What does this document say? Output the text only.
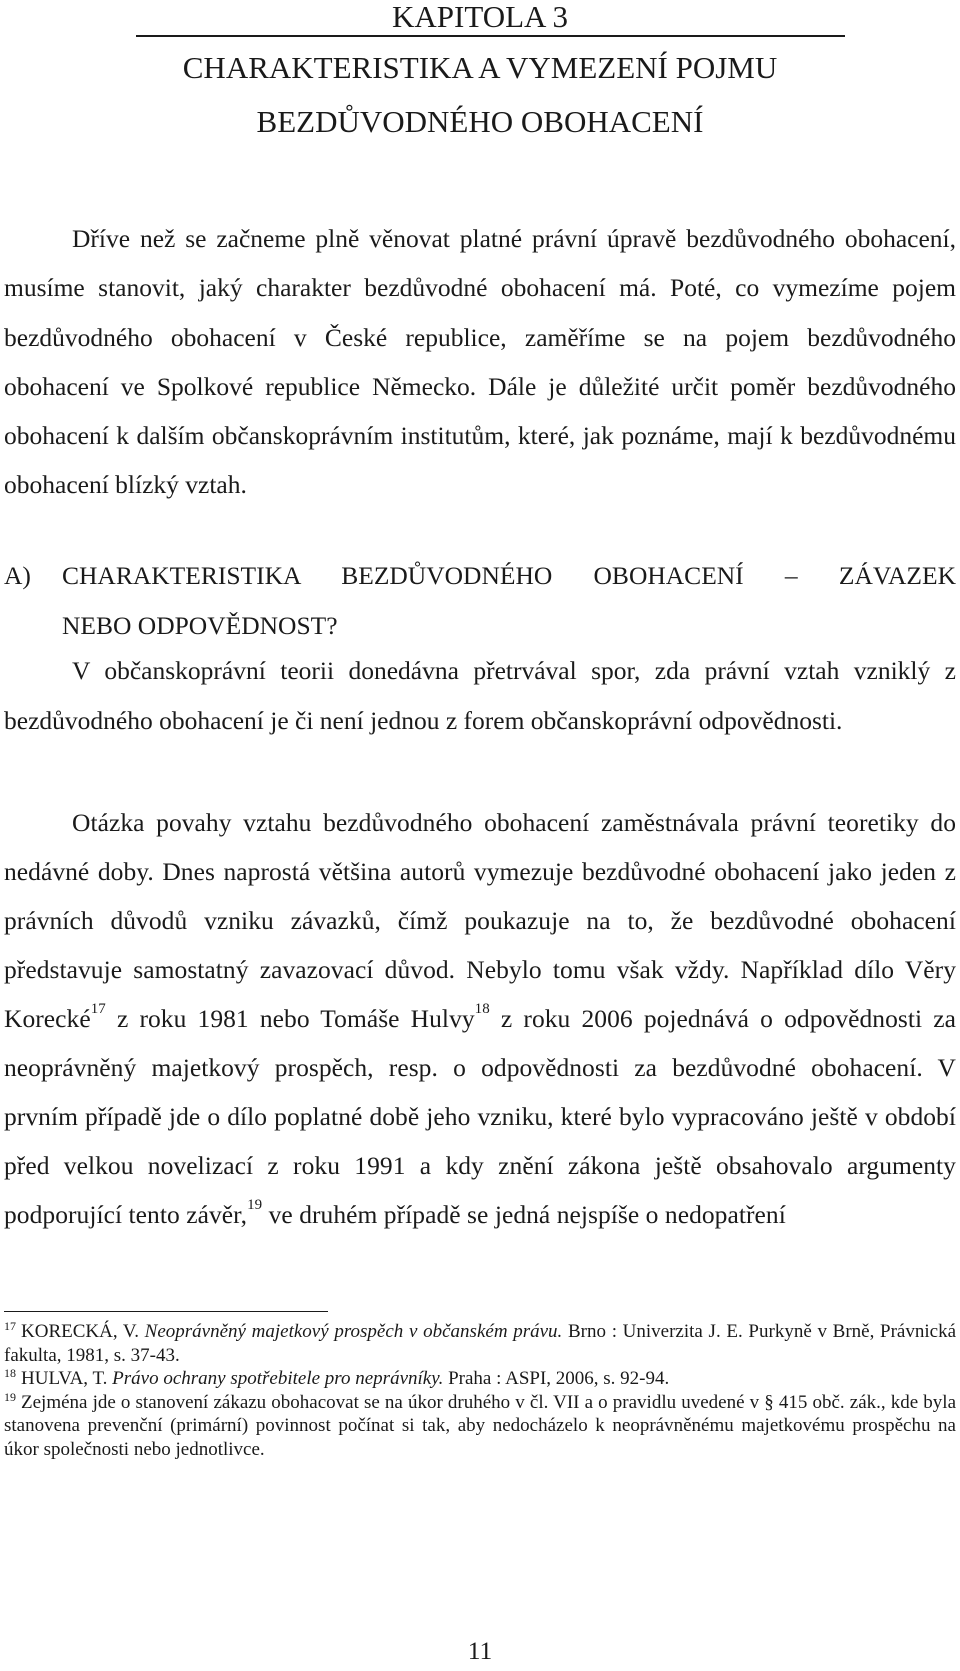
KAPITOLA 3
CHARAKTERISTIKA A VYMEZENÍ POJMU
BEZDŮVODNÉHO OBOHACENÍ

Dříve než se začneme plně věnovat platné právní úpravě bezdůvodného obohacení, musíme stanovit, jaký charakter bezdůvodné obohacení má. Poté, co vymezíme pojem bezdůvodného obohacení v České republice, zaměříme se na pojem bezdůvodného obohacení ve Spolkové republice Německo. Dále je důležité určit poměr bezdůvodného obohacení k dalším občanskoprávním institutům, které, jak poznáme, mají k bezdůvodnému obohacení blízký vztah.

A) CHARAKTERISTIKA BEZDŮVODNÉHO OBOHACENÍ – ZÁVAZEK
NEBO ODPOVĚDNOST?

V občanskoprávní teorii donedávna přetrvával spor, zda právní vztah vzniklý z bezdůvodného obohacení je či není jednou z forem občanskoprávní odpovědnosti.

Otázka povahy vztahu bezdůvodného obohacení zaměstnávala právní teoretiky do nedávné doby. Dnes naprostá většina autorů vymezuje bezdůvodné obohacení jako jeden z právních důvodů vzniku závazků, čímž poukazuje na to, že bezdůvodné obohacení představuje samostatný zavazovací důvod. Nebylo tomu však vždy. Například dílo Věry Korecké$^{17}$ z roku 1981 nebo Tomáše Hulvy$^{18}$ z roku 2006 pojednává o odpovědnosti za neoprávněný majetkový prospěch, resp. o odpovědnosti za bezdůvodné obohacení. V prvním případě jde o dílo poplatné době jeho vzniku, které bylo vypracováno ještě v období před velkou novelizací z roku 1991 a kdy znění zákona ještě obsahovalo argumenty podporující tento závěr,$^{19}$ ve druhém případě se jedná nejspíše o nedopatření

$^{17}$ KORECKÁ, V. Neoprávněný majetkový prospěch v občanském právu. Brno : Univerzita J. E. Purkyně v Brně, Právnická fakulta, 1981, s. 37-43.

$^{18}$ HULVA, T. Právo ochrany spotřebitele pro neprávníky. Praha : ASPI, 2006, s. 92-94.

$^{19}$ Zejména jde o stanovení zákazu obohacovat se na úkor druhého v čl. VII a o pravidlu uvedené v § 415 obč. zák., kde byla stanovena prevenční (primární) povinnost počínat si tak, aby nedocházelo k neoprávněnému majetkovému prospěchu na úkor společnosti nebo jednotlivce.

11
